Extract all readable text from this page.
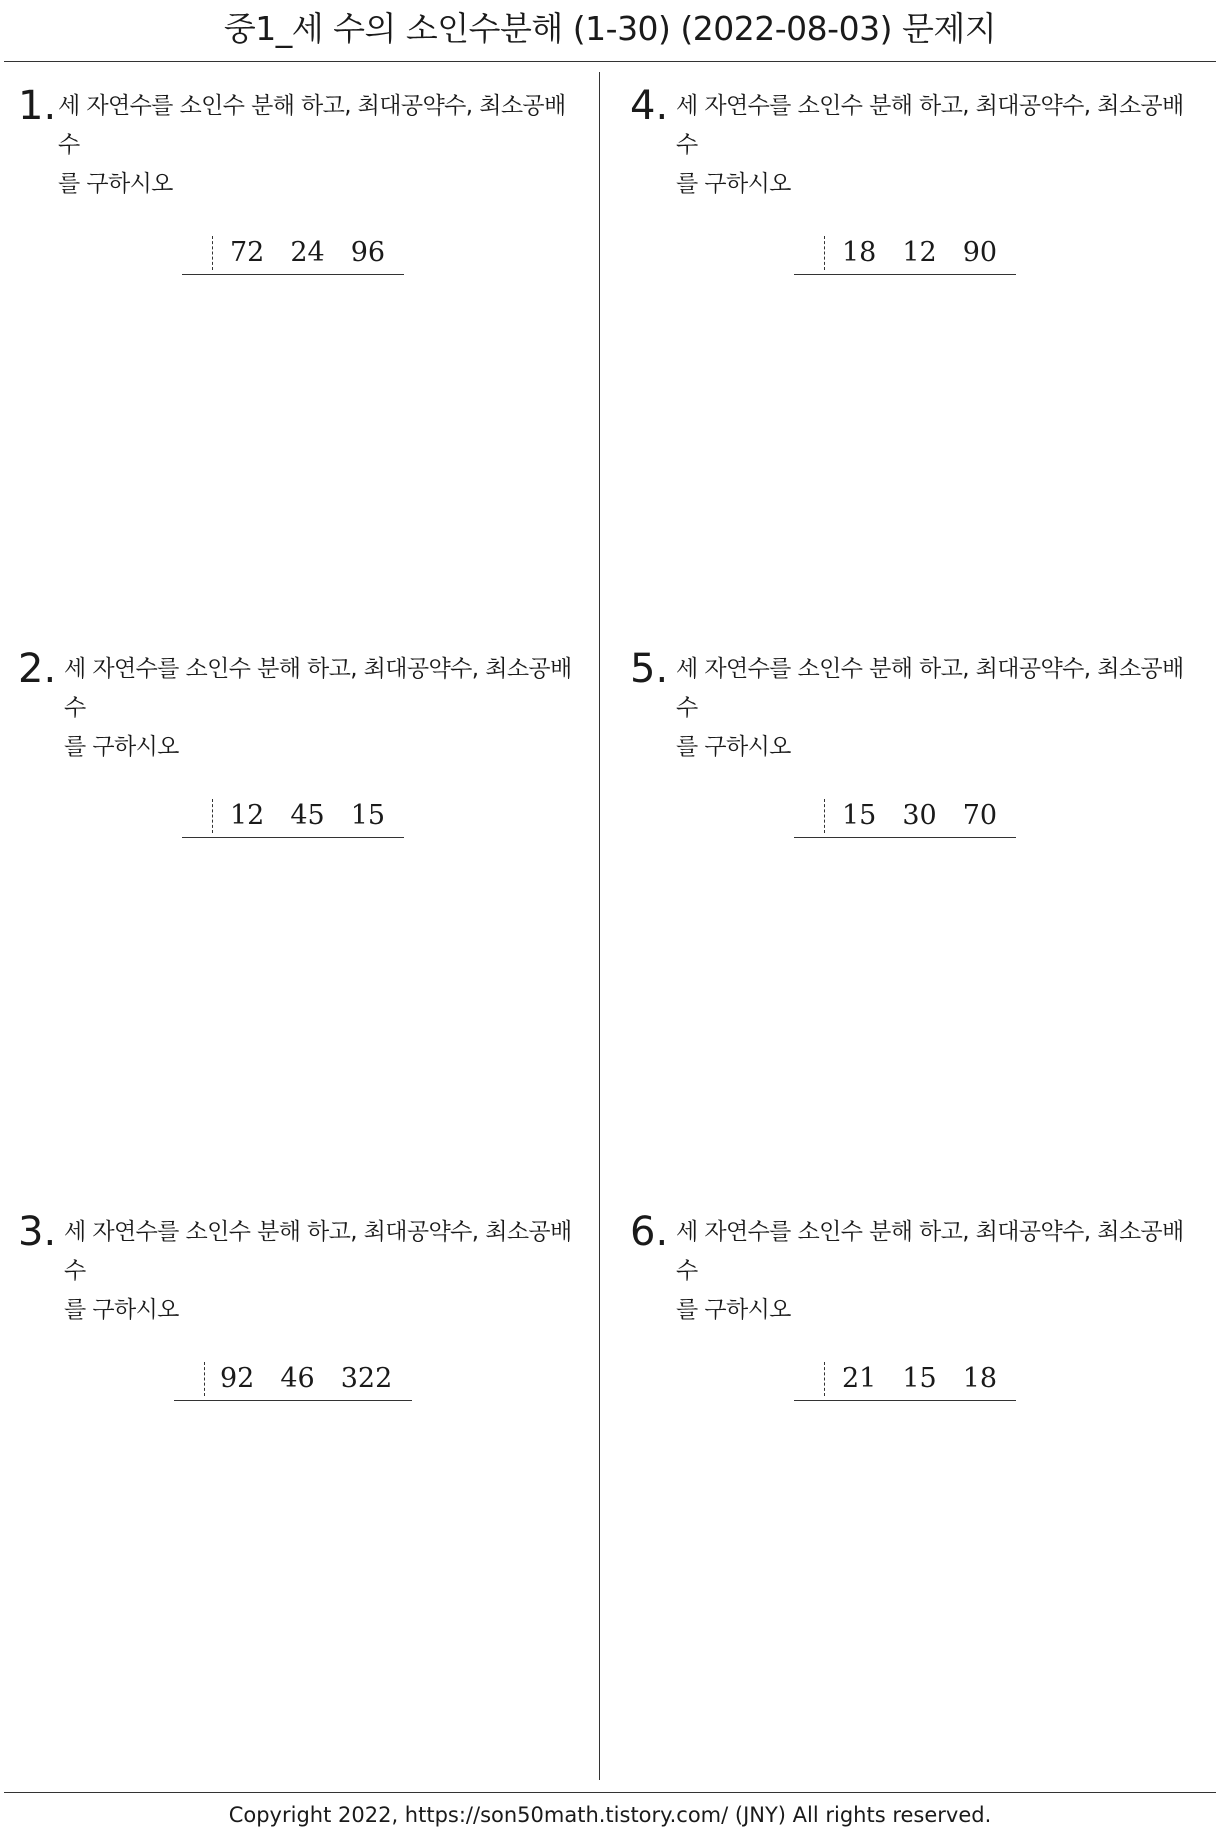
중1_세 수의 소인수분해 (1-30) (2022-08-03) 문제지
1. 세 자연수를 소인수 분해 하고, 최대공약수, 최소공배수
를 구하시오
72 24 96
2. 세 자연수를 소인수 분해 하고, 최대공약수, 최소공배수
를 구하시오
12 45 15
3. 세 자연수를 소인수 분해 하고, 최대공약수, 최소공배수
를 구하시오
92 46 322
4. 세 자연수를 소인수 분해 하고, 최대공약수, 최소공배수
를 구하시오
18 12 90
5. 세 자연수를 소인수 분해 하고, 최대공약수, 최소공배수
를 구하시오
15 30 70
6. 세 자연수를 소인수 분해 하고, 최대공약수, 최소공배수
를 구하시오
21 15 18
Copyright 2022, https://son50math.tistory.com/ (JNY) All rights reserved.
